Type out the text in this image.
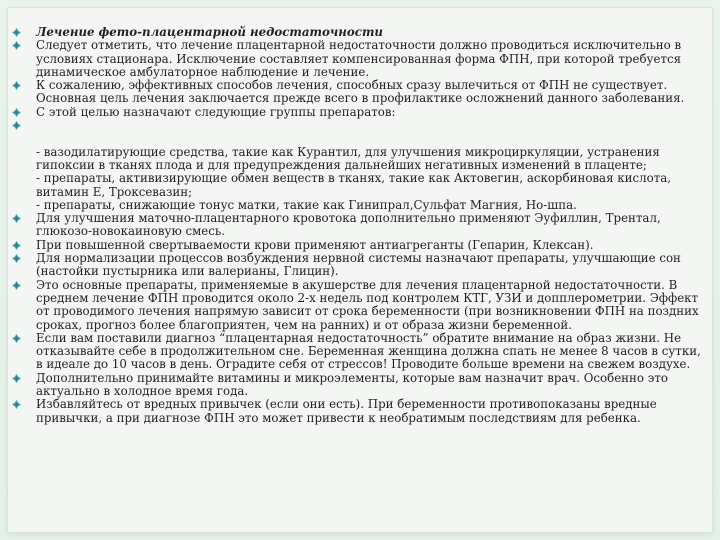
Лечение фето-плацентарной недостаточности
Следует отметить, что лечение плацентарной недостаточности должно проводиться исключительно в условиях стационара. Исключение составляет компенсированная форма ФПН, при которой требуется динамическое амбулаторное наблюдение и лечение.
К сожалению, эффективных способов лечения, способных сразу вылечиться от ФПН не существует. Основная цель лечения заключается прежде всего в профилактике осложнений данного заболевания.
С этой целью назначают следующие группы препаратов:

- вазодилатирующие средства, такие как Курантил, для улучшения микроциркуляции, устранения гипоксии в тканях плода и для предупреждения дальнейших негативных изменений в плаценте;
- препараты, активизирующие обмен веществ в тканях, такие как Актовегин, аскорбиновая кислота, витамин Е, Троксевазин;
- препараты, снижающие тонус матки, такие как Гинипрал,Сульфат Магния, Но-шпа.

Для улучшения маточно-плацентарного кровотока дополнительно применяют Эуфиллин, Трентал, глюкозо-новокаиновую смесь.
При повышенной свертываемости крови применяют антиагреганты (Гепарин, Клексан).
Для нормализации процессов возбуждения нервной системы назначают препараты, улучшающие сон (настойки пустырника или валерианы, Глицин).
Это основные препараты, применяемые в акушерстве для лечения плацентарной недостаточности. В среднем лечение ФПН проводится около 2-х недель под контролем КТГ, УЗИ и допплерометрии. Эффект от проводимого лечения напрямую зависит от срока беременности (при возникновении ФПН на поздних сроках, прогноз более благоприятен, чем на ранних) и от образа жизни беременной.
Если вам поставили диагноз “плацентарная недостаточность” обратите внимание на образ жизни. Не отказывайте себе в продолжительном сне. Беременная женщина должна спать не менее 8 часов в сутки, в идеале до 10 часов в день. Оградите себя от стрессов! Проводите больше времени на свежем воздухе.
Дополнительно принимайте витамины и микроэлементы, которые вам назначит врач. Особенно это актуально в холодное время года.
Избавляйтесь от вредных привычек (если они есть). При беременности противопоказаны вредные привычки, а при диагнозе ФПН это может привести к необратимым последствиям для ребенка.
